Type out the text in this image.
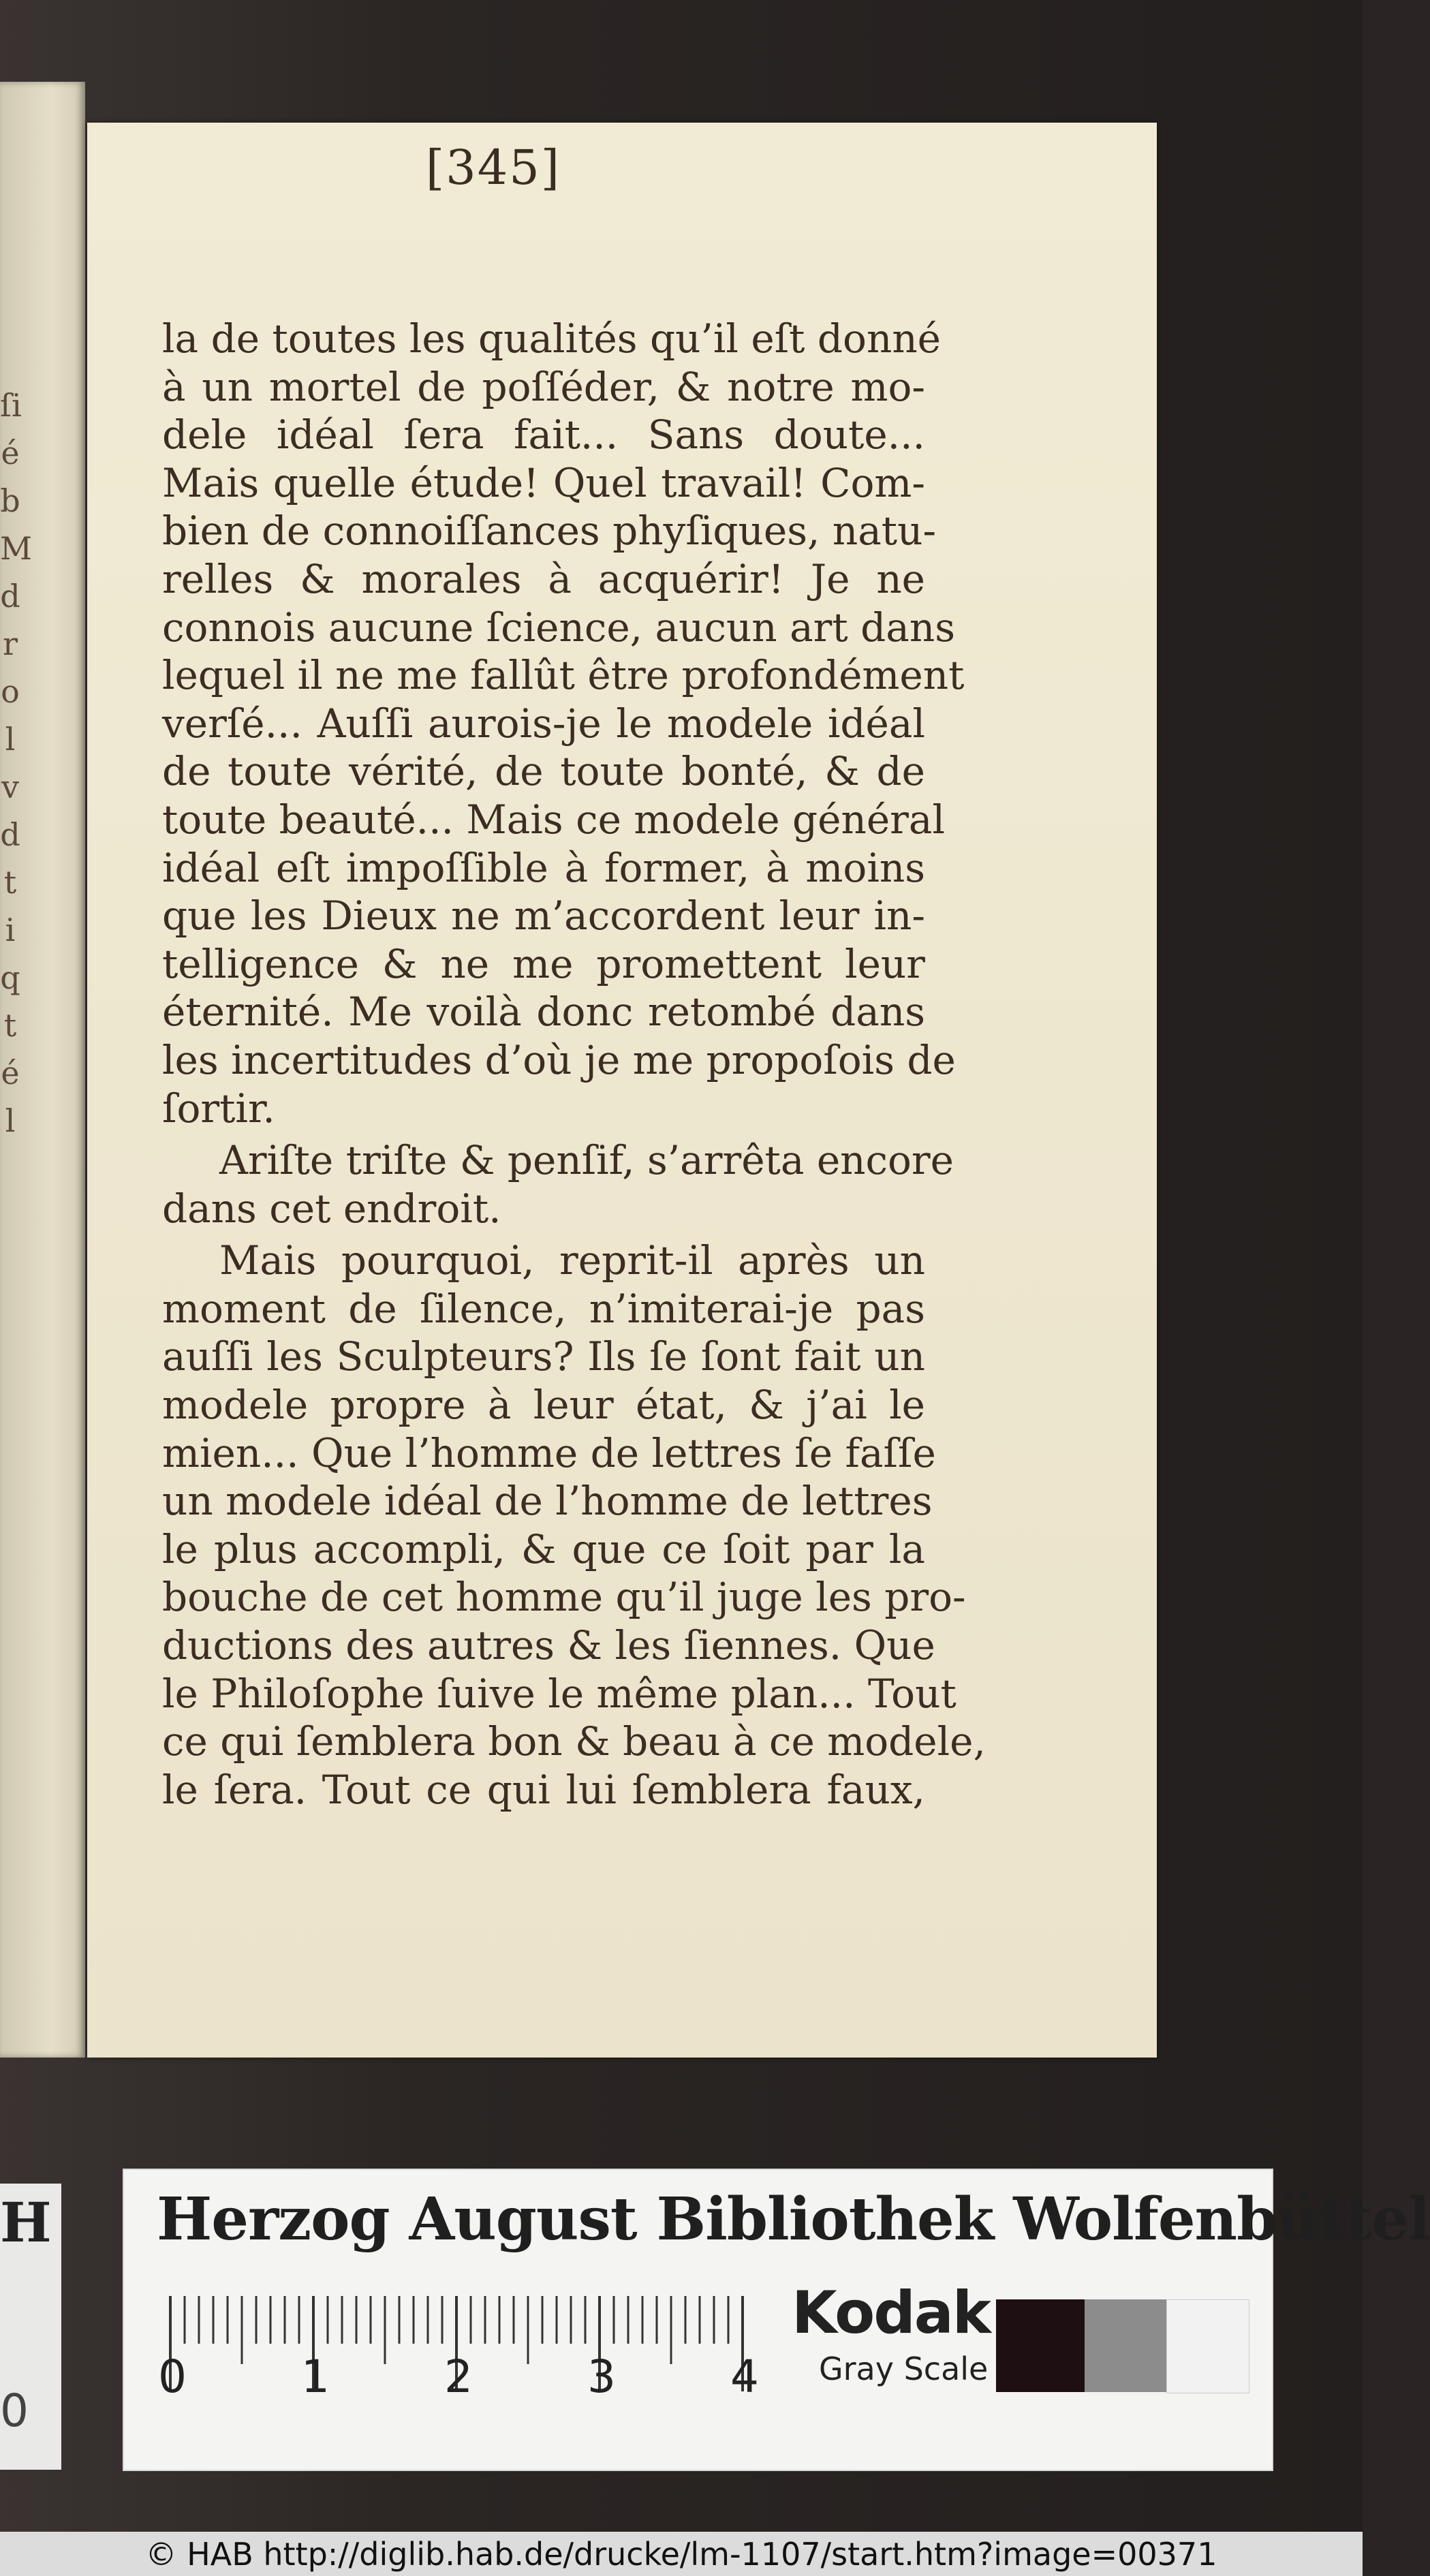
ſi
é
b
M
d
r
o
l
v
d
t
i
q
t
é
l
[345]
la de toutes les qualités qu’il eſt donné
à un mortel de poſſéder, & notre mo-
dele idéal ſera fait... Sans doute...
Mais quelle étude! Quel travail! Com-
bien de connoiſſances phyſiques, natu-
relles & morales à acquérir! Je ne
connois aucune ſcience, aucun art dans
lequel il ne me fallût être profondément
verſé... Auſſi aurois-je le modele idéal
de toute vérité, de toute bonté, & de
toute beauté... Mais ce modele général
idéal eſt impoſſible à former, à moins
que les Dieux ne m’accordent leur in-
telligence & ne me promettent leur
éternité. Me voilà donc retombé dans
les incertitudes d’où je me propoſois de
ſortir.
Ariſte triſte & penſif, s’arrêta encore
dans cet endroit.
Mais pourquoi, reprit-il après un
moment de ſilence, n’imiterai-je pas
auſſi les Sculpteurs? Ils ſe ſont fait un
modele propre à leur état, & j’ai le
mien... Que l’homme de lettres ſe faſſe
un modele idéal de l’homme de lettres
le plus accompli, & que ce ſoit par la
bouche de cet homme qu’il juge les pro-
ductions des autres & les ſiennes. Que
le Philoſophe ſuive le même plan... Tout
ce qui ſemblera bon & beau à ce modele,
le ſera. Tout ce qui lui ſemblera faux,
H
0
Herzog August Bibliothek Wolfenbüttel
0	1	2	3	4
Kodak
Gray Scale
© HAB http://diglib.hab.de/drucke/lm-1107/start.htm?image=00371
